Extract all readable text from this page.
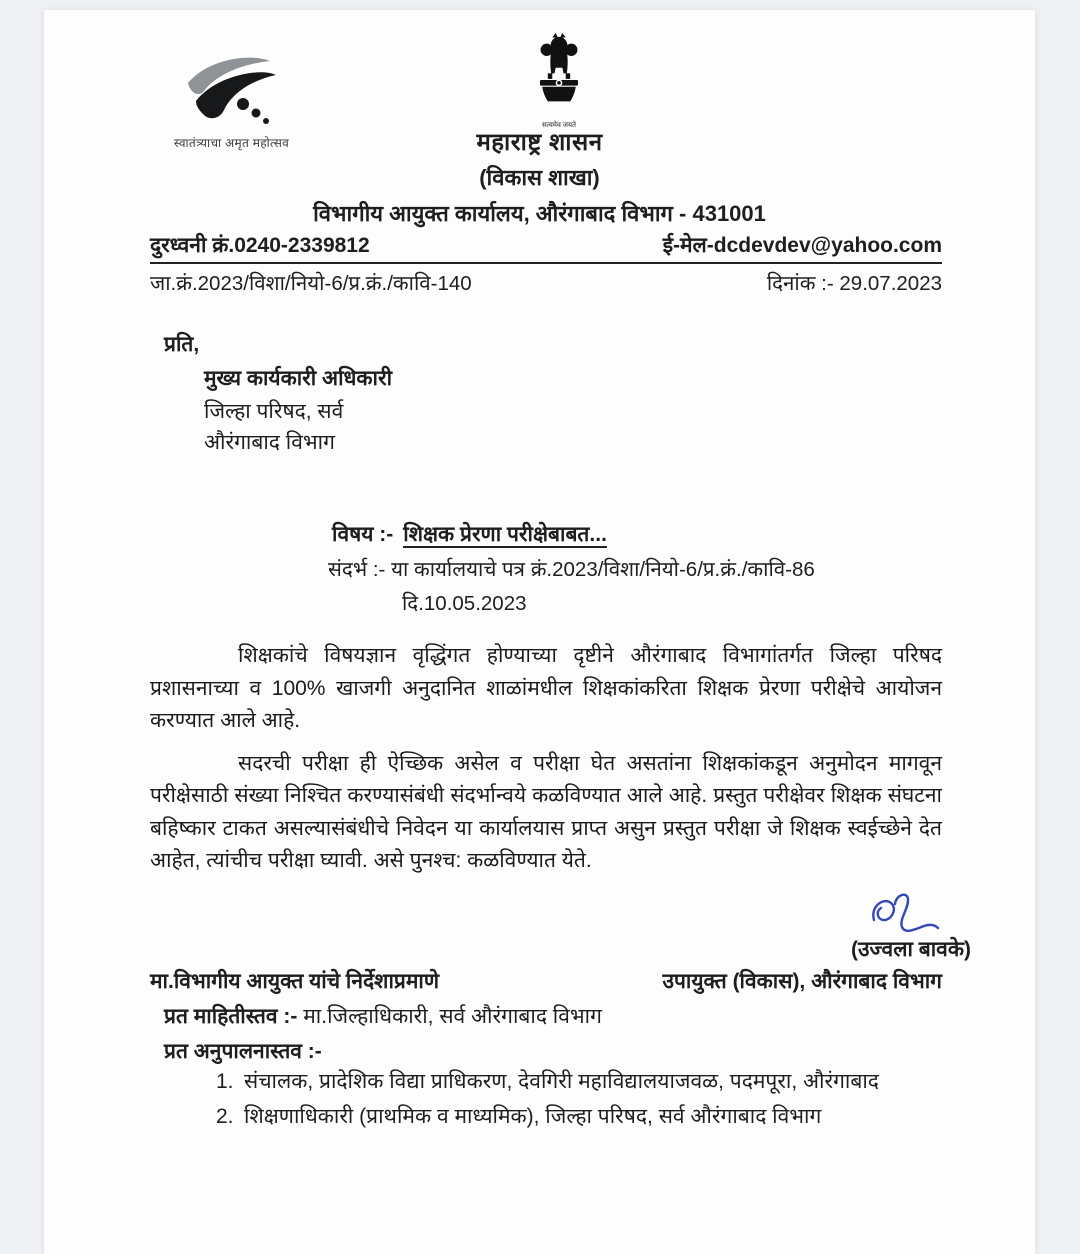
स्वातंत्र्याचा अमृत महोत्सव
सत्यमेव जयते
महाराष्ट्र शासन
(विकास शाखा)
विभागीय आयुक्त कार्यालय, औरंगाबाद विभाग - 431001
दुरध्वनी क्रं.0240-2339812	ई-मेल-dcdevdev@yahoo.com
जा.क्रं.2023/विशा/नियो-6/प्र.क्रं./कावि-140	दिनांक :- 29.07.2023
प्रति,
मुख्य कार्यकारी अधिकारी
जिल्हा परिषद, सर्व
औरंगाबाद विभाग
विषय :- शिक्षक प्रेरणा परीक्षेबाबत...
संदर्भ :- या कार्यालयाचे पत्र क्रं.2023/विशा/नियो-6/प्र.क्रं./कावि-86
दि.10.05.2023

शिक्षकांचे विषयज्ञान वृद्धिंगत होण्याच्या दृष्टीने औरंगाबाद विभागांतर्गत जिल्हा परिषद प्रशासनाच्या व 100% खाजगी अनुदानित शाळांमधील शिक्षकांकरिता शिक्षक प्रेरणा परीक्षेचे आयोजन करण्यात आले आहे.

सदरची परीक्षा ही ऐच्छिक असेल व परीक्षा घेत असतांना शिक्षकांकडून अनुमोदन मागवून परीक्षेसाठी संख्या निश्चित करण्यासंबंधी संदर्भान्वये कळविण्यात आले आहे. प्रस्तुत परीक्षेवर शिक्षक संघटना बहिष्कार टाकत असल्यासंबंधीचे निवेदन या कार्यालयास प्राप्त असुन प्रस्तुत परीक्षा जे शिक्षक स्वईच्छेने देत आहेत, त्यांचीच परीक्षा घ्यावी. असे पुनश्च: कळविण्यात येते.

(उज्वला बावके)
मा.विभागीय आयुक्त यांचे निर्देशाप्रमाणे	उपायुक्त (विकास), औरंगाबाद विभाग
प्रत माहितीस्तव :- मा.जिल्हाधिकारी, सर्व औरंगाबाद विभाग
प्रत अनुपालनास्तव :-
1. संचालक, प्रादेशिक विद्या प्राधिकरण, देवगिरी महाविद्यालयाजवळ, पदमपूरा, औरंगाबाद
2. शिक्षणाधिकारी (प्राथमिक व माध्यमिक), जिल्हा परिषद, सर्व औरंगाबाद विभाग
